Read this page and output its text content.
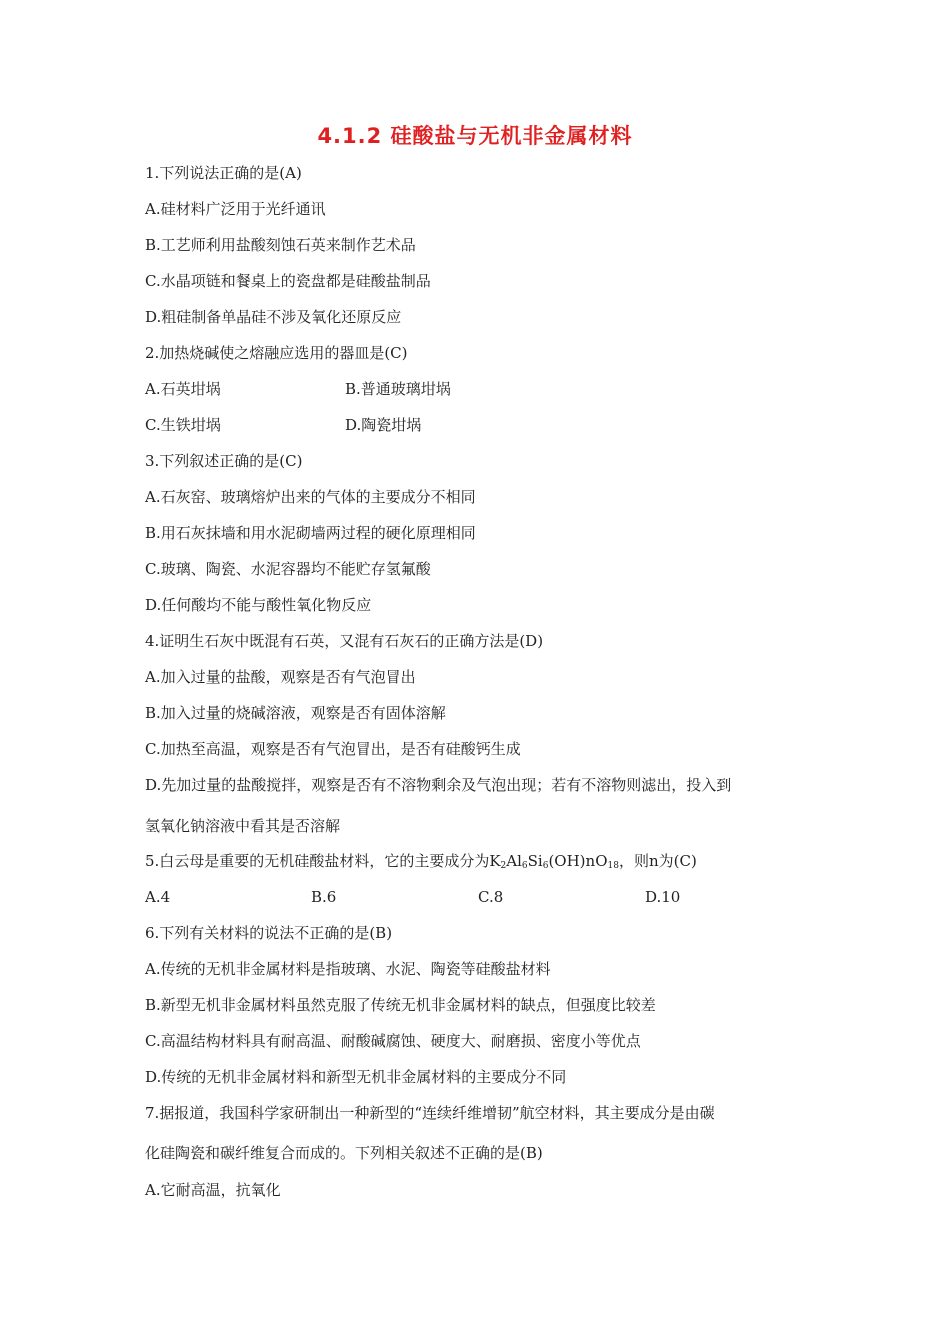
4.1.2 硅酸盐与无机非金属材料
1.下列说法正确的是(A)
A.硅材料广泛用于光纤通讯
B.工艺师利用盐酸刻蚀石英来制作艺术品
C.水晶项链和餐桌上的瓷盘都是硅酸盐制品
D.粗硅制备单晶硅不涉及氧化还原反应
2.加热烧碱使之熔融应选用的器皿是(C)
A.石英坩埚	B.普通玻璃坩埚
C.生铁坩埚	D.陶瓷坩埚
3.下列叙述正确的是(C)
A.石灰窑、玻璃熔炉出来的气体的主要成分不相同
B.用石灰抹墙和用水泥砌墙两过程的硬化原理相同
C.玻璃、陶瓷、水泥容器均不能贮存氢氟酸
D.任何酸均不能与酸性氧化物反应
4.证明生石灰中既混有石英，又混有石灰石的正确方法是(D)
A.加入过量的盐酸，观察是否有气泡冒出
B.加入过量的烧碱溶液，观察是否有固体溶解
C.加热至高温，观察是否有气泡冒出，是否有硅酸钙生成
D.先加过量的盐酸搅拌，观察是否有不溶物剩余及气泡出现；若有不溶物则滤出，投入到
氢氧化钠溶液中看其是否溶解
5.白云母是重要的无机硅酸盐材料，它的主要成分为$K_2Al_6Si_6(OH)nO_{18}$，则n为(C)
A.4	B.6	C.8	D.10
6.下列有关材料的说法不正确的是(B)
A.传统的无机非金属材料是指玻璃、水泥、陶瓷等硅酸盐材料
B.新型无机非金属材料虽然克服了传统无机非金属材料的缺点，但强度比较差
C.高温结构材料具有耐高温、耐酸碱腐蚀、硬度大、耐磨损、密度小等优点
D.传统的无机非金属材料和新型无机非金属材料的主要成分不同
7.据报道，我国科学家研制出一种新型的“连续纤维增韧”航空材料，其主要成分是由碳
化硅陶瓷和碳纤维复合而成的。下列相关叙述不正确的是(B)
A.它耐高温，抗氧化
